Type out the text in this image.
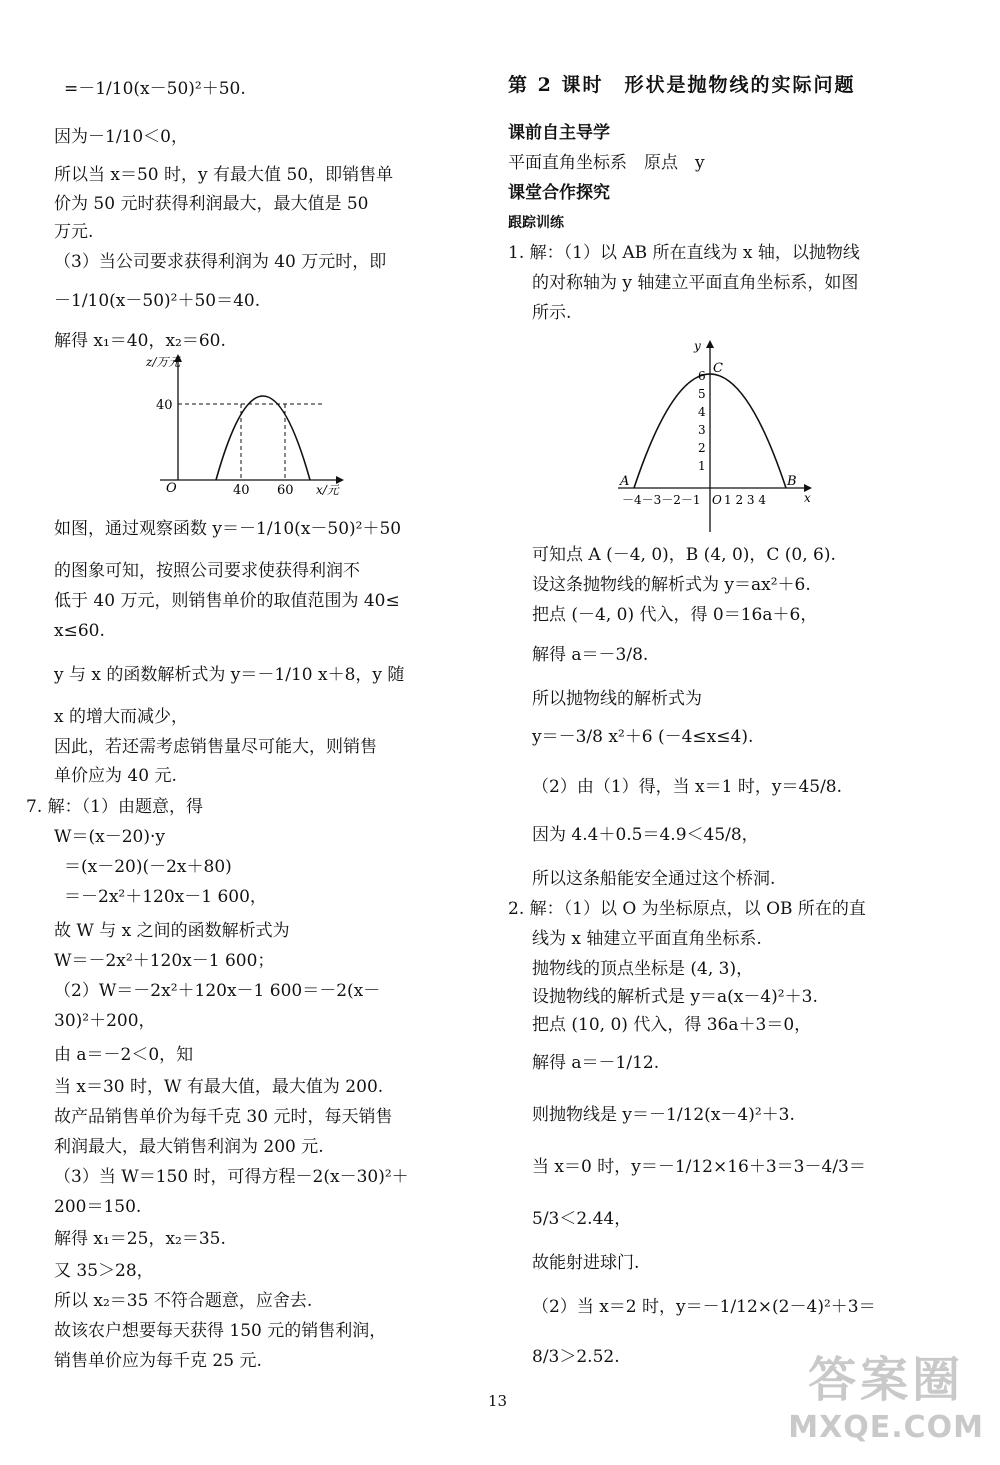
=－1/10(x－50)²＋50.
因为－1/10＜0，
所以当 x＝50 时，y 有最大值 50，即销售单
价为 50 元时获得利润最大，最大值是 50
万元.
（3）当公司要求获得利润为 40 万元时，即
－1/10(x－50)²＋50＝40.
解得 x₁＝40，x₂＝60.
z/万元
x/元
O
40
40 60
如图，通过观察函数 y＝－1/10(x－50)²＋50
的图象可知，按照公司要求使获得利润不
低于 40 万元，则销售单价的取值范围为 40≤
x≤60.
y 与 x 的函数解析式为 y＝－1/10 x＋8，y 随
x 的增大而减少，
因此，若还需考虑销售量尽可能大，则销售
单价应为 40 元.
7. 解：（1）由题意，得
W＝(x－20)·y
＝(x－20)(－2x＋80)
＝－2x²＋120x－1 600，
故 W 与 x 之间的函数解析式为
W＝－2x²＋120x－1 600；
（2）W＝－2x²＋120x－1 600＝－2(x－
30)²＋200，
由 a＝－2＜0，知
当 x＝30 时，W 有最大值，最大值为 200.
故产品销售单价为每千克 30 元时，每天销售
利润最大，最大销售利润为 200 元.
（3）当 W＝150 时，可得方程－2(x－30)²＋
200＝150.
解得 x₁＝25，x₂＝35.
又 35＞28，
所以 x₂＝35 不符合题意，应舍去.
故该农户想要每天获得 150 元的销售利润，
销售单价应为每千克 25 元.
第 2 课时　形状是抛物线的实际问题
课前自主导学
平面直角坐标系　原点　y
课堂合作探究
跟踪训练
1. 解：（1）以 AB 所在直线为 x 轴，以抛物线
的对称轴为 y 轴建立平面直角坐标系，如图
所示.
y
x
C
A	B
6
5
4
3
2
1
－4－3－2－1 O 1 2 3 4
可知点 A (－4, 0)，B (4, 0)，C (0, 6).
设这条抛物线的解析式为 y＝ax²＋6.
把点 (－4, 0) 代入，得 0＝16a＋6，
解得 a＝－3/8.
所以抛物线的解析式为
y＝－3/8 x²＋6 (－4≤x≤4).
（2）由（1）得，当 x＝1 时，y＝45/8.
因为 4.4＋0.5＝4.9＜45/8，
所以这条船能安全通过这个桥洞.
2. 解：（1）以 O 为坐标原点，以 OB 所在的直
线为 x 轴建立平面直角坐标系.
抛物线的顶点坐标是 (4, 3)，
设抛物线的解析式是 y＝a(x－4)²＋3.
把点 (10, 0) 代入，得 36a＋3＝0，
解得 a＝－1/12.
则抛物线是 y＝－1/12(x－4)²＋3.
当 x＝0 时，y＝－1/12×16＋3＝3－4/3＝
5/3＜2.44，
故能射进球门.
（2）当 x＝2 时，y＝－1/12×(2－4)²＋3＝
8/3＞2.52.
13	答案圈
MXQE.COM
